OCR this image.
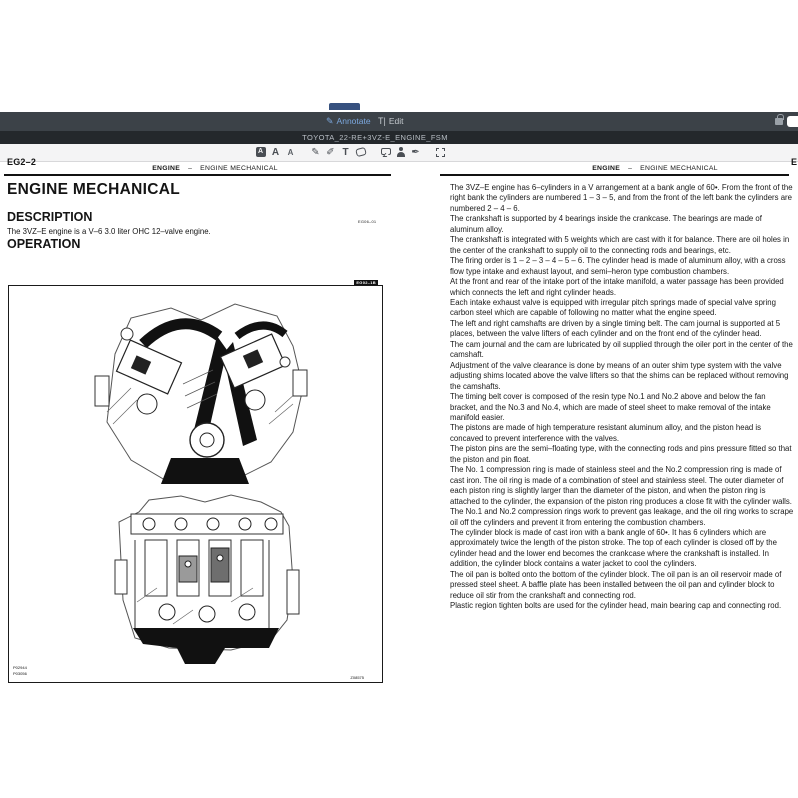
✎ Annotate T| Edit
TOYOTA_22-RE+3VZ-E_ENGINE_FSM
A A	A	✎ ✐ T	✒
EG2–2
ENGINE – ENGINE MECHANICAL	ENGINE – ENGINE MECHANICAL
E
ENGINE MECHANICAL
DESCRIPTION
The 3VZ–E engine is a V–6 3.0 liter OHC 12–valve engine.
EG06–01
OPERATION
EG02–1B
P02944
P03056
Z08575

The 3VZ–E engine has 6–cylinders in a V arrangement at a bank angle of 60•. From the front of the right bank the cylinders are numbered 1 – 3 – 5, and from the front of the left bank the cylinders are numbered 2 – 4 – 6.

The crankshaft is supported by 4 bearings inside the crankcase. The bearings are made of aluminum alloy.

The crankshaft is integrated with 5 weights which are cast with it for balance. There are oil holes in the center of the crankshaft to supply oil to the connecting rods and bearings, etc.

The firing order is 1 – 2 – 3 – 4 – 5 – 6. The cylinder head is made of aluminum alloy, with a cross flow type intake and exhaust layout, and semi–heron type combustion chambers.

At the front and rear of the intake port of the intake manifold, a water passage has been provided which connects the left and right cylinder heads.

Each intake exhaust valve is equipped with irregular pitch springs made of special valve spring carbon steel which are capable of following no matter what the engine speed.

The left and right camshafts are driven by a single timing belt. The cam journal is supported at 5 places, between the valve lifters of each cylinder and on the front end of the cylinder head.

The cam journal and the cam are lubricated by oil supplied through the oiler port in the center of the camshaft.

Adjustment of the valve clearance is done by means of an outer shim type system with the valve adjusting shims located above the valve lifters so that the shims can be replaced without removing the camshafts.

The timing belt cover is composed of the resin type No.1 and No.2 above and below the fan bracket, and the No.3 and No.4, which are made of steel sheet to make removal of the intake manifold easier.

The pistons are made of high temperature resistant aluminum alloy, and the piston head is concaved to prevent interference with the valves.

The piston pins are the semi–floating type, with the connecting rods and pins pressure fitted so that the piston and pin float.

The No. 1 compression ring is made of stainless steel and the No.2 compression ring is made of cast iron. The oil ring is made of a combination of steel and stainless steel. The outer diameter of each piston ring is slightly larger than the diameter of the piston, and when the piston ring is attached to the cylinder, the expansion of the piston ring produces a close fit with the cylinder walls.

The No.1 and No.2 compression rings work to prevent gas leakage, and the oil ring works to scrape oil off the cylinders and prevent it from entering the combustion chambers.

The cylinder block is made of cast iron with a bank angle of 60•. It has 6 cylinders which are approximately twice the length of the piston stroke. The top of each cylinder is closed off by the cylinder head and the lower end becomes the crankcase where the crankshaft is installed. In addition, the cylinder block contains a water jacket to cool the cylinders.

The oil pan is bolted onto the bottom of the cylinder block. The oil pan is an oil reservoir made of pressed steel sheet. A baffle plate has been installed between the oil pan and cylinder block to reduce oil stir from the crankshaft and connecting rod.

Plastic region tighten bolts are used for the cylinder head, main bearing cap and connecting rod.
